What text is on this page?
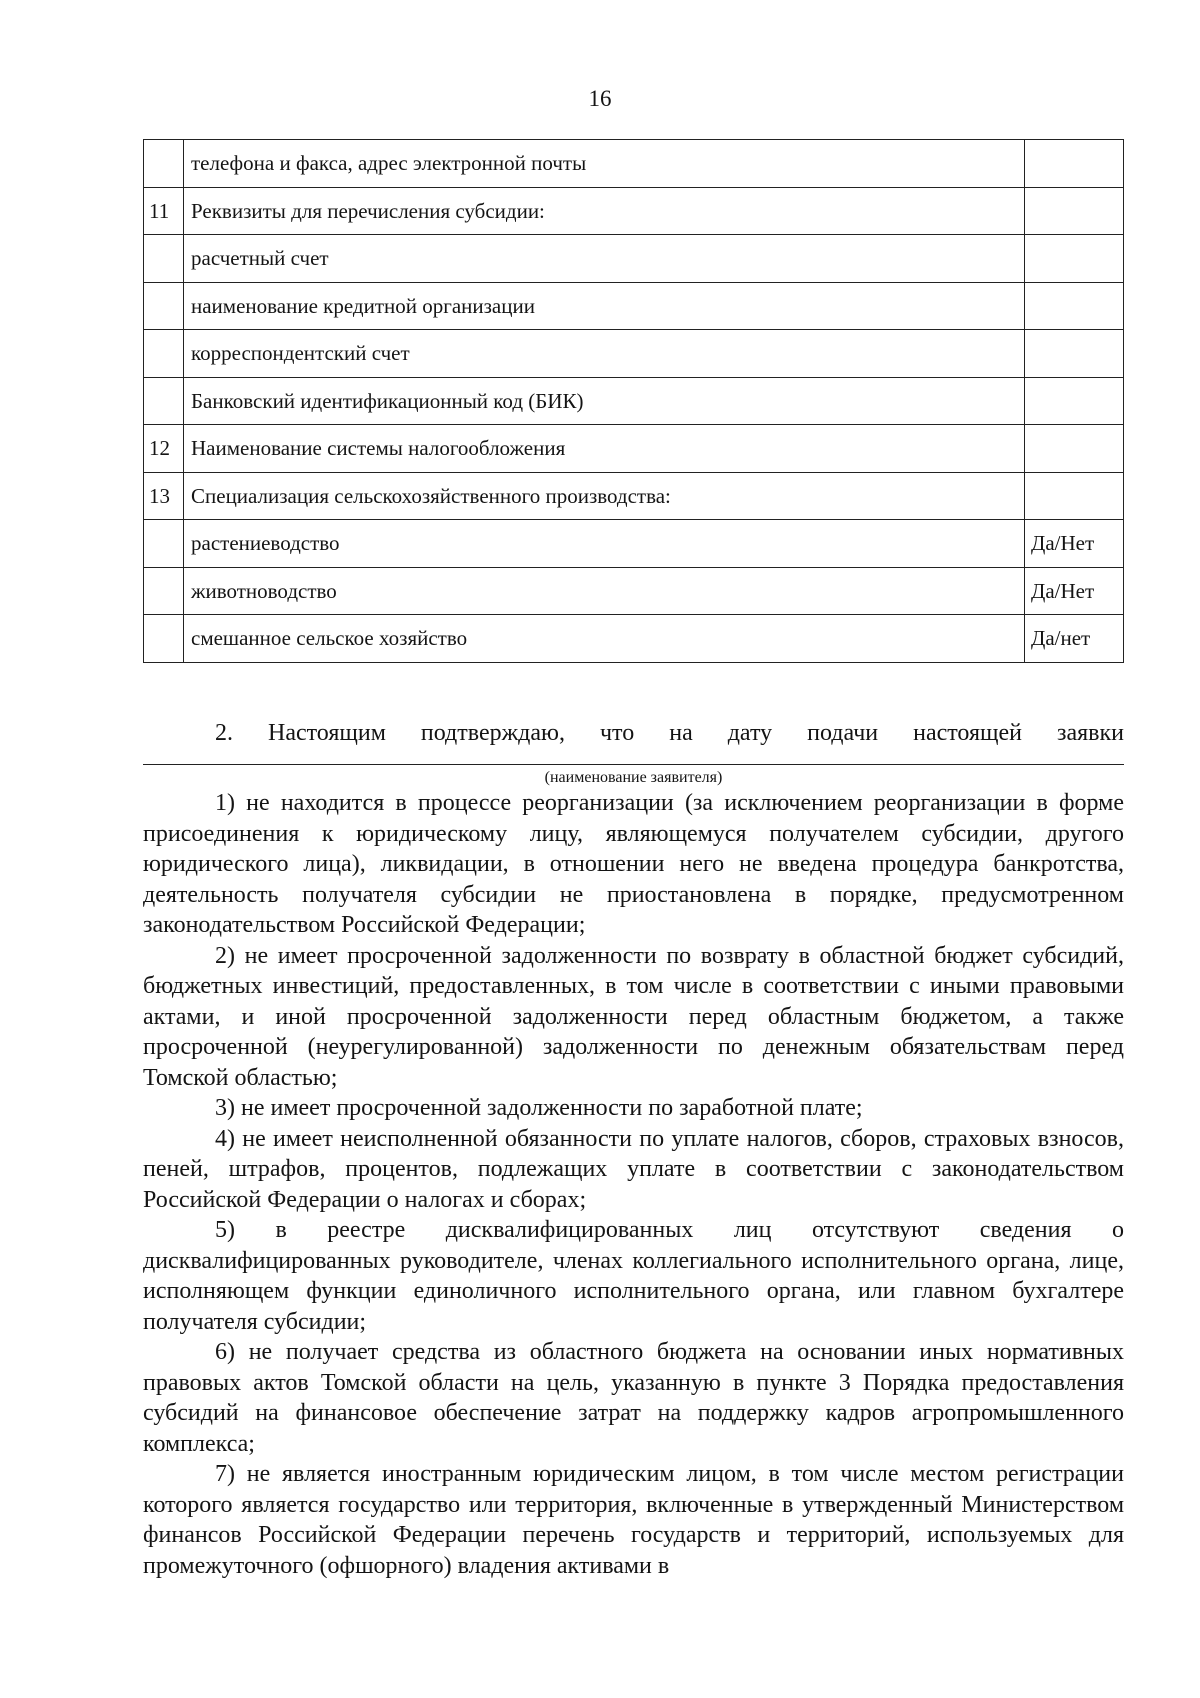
16
	телефона и факса, адрес электронной почты	
11	Реквизиты для перечисления субсидии:	
	расчетный счет	
	наименование кредитной организации	
	корреспондентский счет	
	Банковский идентификационный код (БИК)	
12	Наименование системы налогообложения	
13	Специализация сельскохозяйственного производства:	
	растениеводство	Да/Нет
	животноводство	Да/Нет
	смешанное сельское хозяйство	Да/нет
2. Настоящим подтверждаю, что на дату подачи настоящей заявки
(наименование заявителя)

1) не находится в процессе реорганизации (за исключением реорганизации в форме присоединения к юридическому лицу, являющемуся получателем субсидии, другого юридического лица), ликвидации, в отношении него не введена процедура банкротства, деятельность получателя субсидии не приостановлена в порядке, предусмотренном законодательством Российской Федерации;

2) не имеет просроченной задолженности по возврату в областной бюджет субсидий, бюджетных инвестиций, предоставленных, в том числе в соответствии с иными правовыми актами, и иной просроченной задолженности перед областным бюджетом, а также просроченной (неурегулированной) задолженности по денежным обязательствам перед Томской областью;

3) не имеет просроченной задолженности по заработной плате;

4) не имеет неисполненной обязанности по уплате налогов, сборов, страховых взносов, пеней, штрафов, процентов, подлежащих уплате в соответствии с законодательством Российской Федерации о налогах и сборах;

5) в реестре дисквалифицированных лиц отсутствуют сведения о дисквалифицированных руководителе, членах коллегиального исполнительного органа, лице, исполняющем функции единоличного исполнительного органа, или главном бухгалтере получателя субсидии;

6) не получает средства из областного бюджета на основании иных нормативных правовых актов Томской области на цель, указанную в пункте 3 Порядка предоставления субсидий на финансовое обеспечение затрат на поддержку кадров агропромышленного комплекса;

7) не является иностранным юридическим лицом, в том числе местом регистрации которого является государство или территория, включенные в утвержденный Министерством финансов Российской Федерации перечень государств и территорий, используемых для промежуточного (офшорного) владения активами в
